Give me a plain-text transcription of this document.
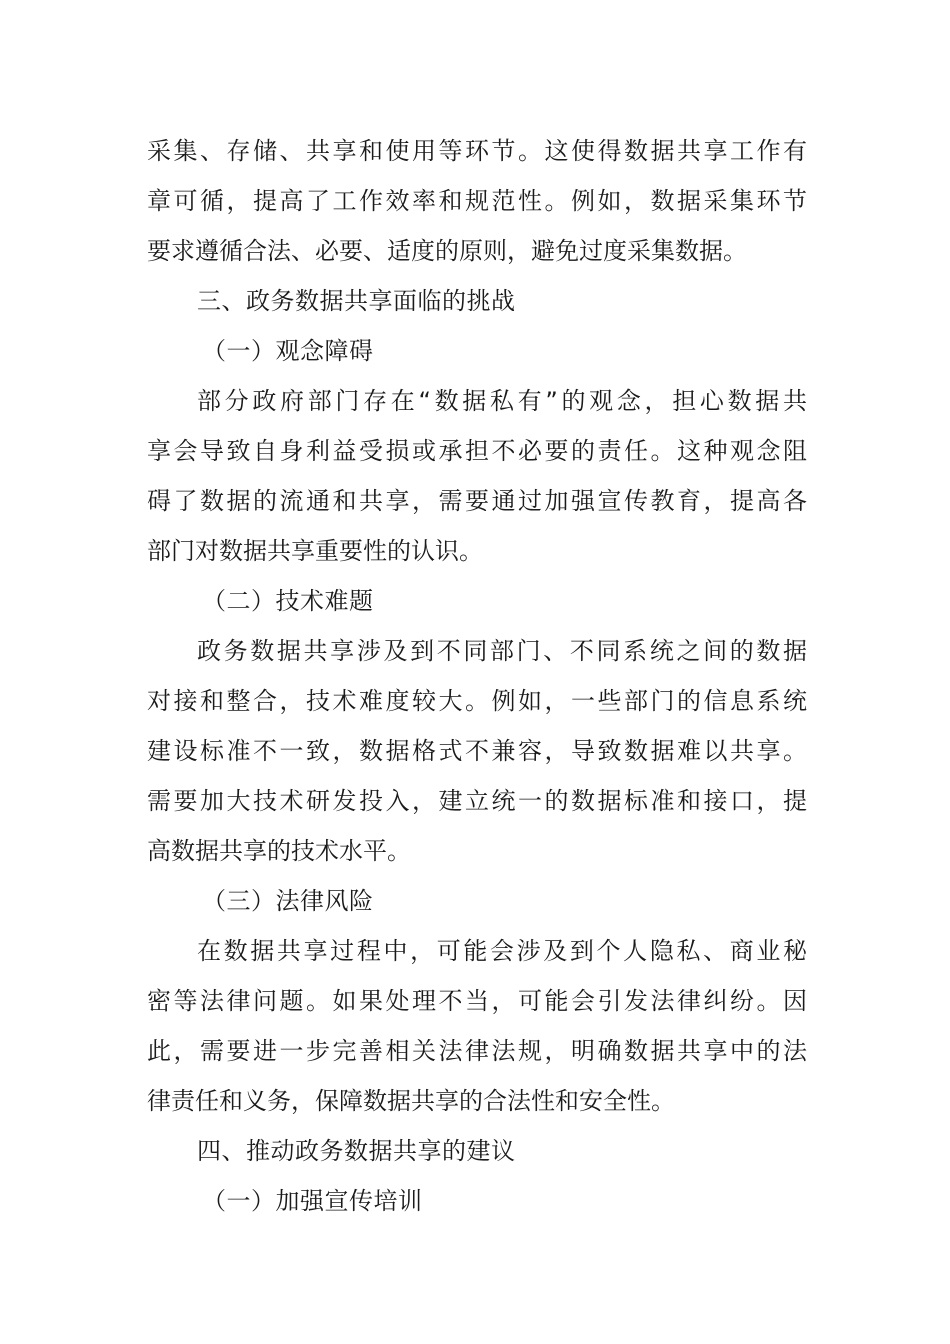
采集、存储、共享和使用等环节。这使得数据共享工作有
章可循，提高了工作效率和规范性。例如，数据采集环节
要求遵循合法、必要、适度的原则，避免过度采集数据。
三、政务数据共享面临的挑战
（一）观念障碍
部分政府部门存在“数据私有”的观念，担心数据共
享会导致自身利益受损或承担不必要的责任。这种观念阻
碍了数据的流通和共享，需要通过加强宣传教育，提高各
部门对数据共享重要性的认识。
（二）技术难题
政务数据共享涉及到不同部门、不同系统之间的数据
对接和整合，技术难度较大。例如，一些部门的信息系统
建设标准不一致，数据格式不兼容，导致数据难以共享。
需要加大技术研发投入，建立统一的数据标准和接口，提
高数据共享的技术水平。
（三）法律风险
在数据共享过程中，可能会涉及到个人隐私、商业秘
密等法律问题。如果处理不当，可能会引发法律纠纷。因
此，需要进一步完善相关法律法规，明确数据共享中的法
律责任和义务，保障数据共享的合法性和安全性。
四、推动政务数据共享的建议
（一）加强宣传培训
